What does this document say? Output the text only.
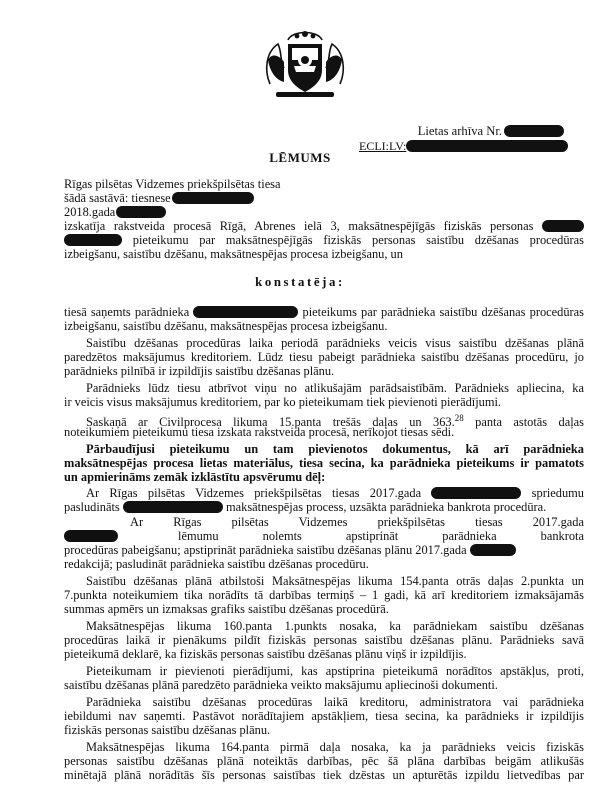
Lietas arhīva Nr.
ECLI:LV:
LĒMUMS
Rīgas pilsētas Vidzemes priekšpilsētas tiesa
šādā sastāvā: tiesnese
2018.gada
izskatīja rakstveida procesā Rīgā, Abrenes ielā 3, maksātnespējīgās fiziskās personas
pieteikumu par maksātnespējīgās fiziskās personas saistību dzēšanas procedūras
izbeigšanu, saistību dzēšanu, maksātnespējas procesa izbeigšanu, un
konstatēja:
tiesā saņemts parādnieka	pieteikums par parādnieka saistību dzēšanas procedūras
izbeigšanu, saistību dzēšanu, maksātnespējas procesa izbeigšanu.
Saistību dzēšanas procedūras laika periodā parādnieks veicis visus saistību dzēšanas plānā
paredzētos maksājumus kreditoriem. Lūdz tiesu pabeigt parādnieka saistību dzēšanas procedūru, jo
parādnieks pilnībā ir izpildījis saistību dzēšanas plānu.
Parādnieks lūdz tiesu atbrīvot viņu no atlikušajām parādsaistībām. Parādnieks apliecina, ka
ir veicis visus maksājumus kreditoriem, par ko pieteikumam tiek pievienoti pierādījumi.
Saskaņā ar Civilprocesa likuma 15.panta trešās daļas un 363.28 panta astotās daļas
noteikumiem pieteikumu tiesa izskata rakstveida procesā, nerīkojot tiesas sēdi.
Pārbaudījusi pieteikumu un tam pievienotos dokumentus, kā arī parādnieka
maksātnespējas procesa lietas materiālus, tiesa secina, ka parādnieka pieteikums ir pamatots
un apmierināms zemāk izklāstītu apsvērumu dēļ:
Ar Rīgas pilsētas Vidzemes priekšpilsētas tiesas 2017.gada	spriedumu
pasludināts	maksātnespējas process, uzsākta parādnieka bankrota procedūra.
Ar Rīgas pilsētas Vidzemes priekšpilsētas tiesas 2017.gada
lēmumu nolemts apstiprināt parādnieka bankrota
procedūras pabeigšanu; apstiprināt parādnieka saistību dzēšanas plānu 2017.gada
redakcijā; pasludināt parādnieka saistību dzēšanas procedūru.
Saistību dzēšanas plānā atbilstoši Maksātnespējas likuma 154.panta otrās daļas 2.punkta un
7.punkta noteikumiem tika norādīts tā darbības termiņš – 1 gadi, kā arī kreditoriem izmaksājamās
summas apmērs un izmaksas grafiks saistību dzēšanas procedūrā.
Maksātnespējas likuma 160.panta 1.punkts nosaka, ka parādniekam saistību dzēšanas
procedūras laikā ir pienākums pildīt fiziskās personas saistību dzēšanas plānu. Parādnieks savā
pieteikumā deklarē, ka fiziskās personas saistību dzēšanas plānu viņš ir izpildījis.
Pieteikumam ir pievienoti pierādījumi, kas apstiprina pieteikumā norādītos apstākļus, proti,
saistību dzēšanas plānā paredzēto parādnieka veikto maksājumu apliecinoši dokumenti.
Parādnieka saistību dzēšanas procedūras laikā kreditoru, administratora vai parādnieka
iebildumi nav saņemti. Pastāvot norādītajiem apstākļiem, tiesa secina, ka parādnieks ir izpildījis
fiziskās personas saistību dzēšanas plānu.
Maksātnespējas likuma 164.panta pirmā daļa nosaka, ka ja parādnieks veicis fiziskās
personas saistību dzēšanas plānā noteiktās darbības, pēc šā plāna darbības beigām atlikušās
minētajā plānā norādītās šīs personas saistības tiek dzēstas un apturētās izpildu lietvedības par
